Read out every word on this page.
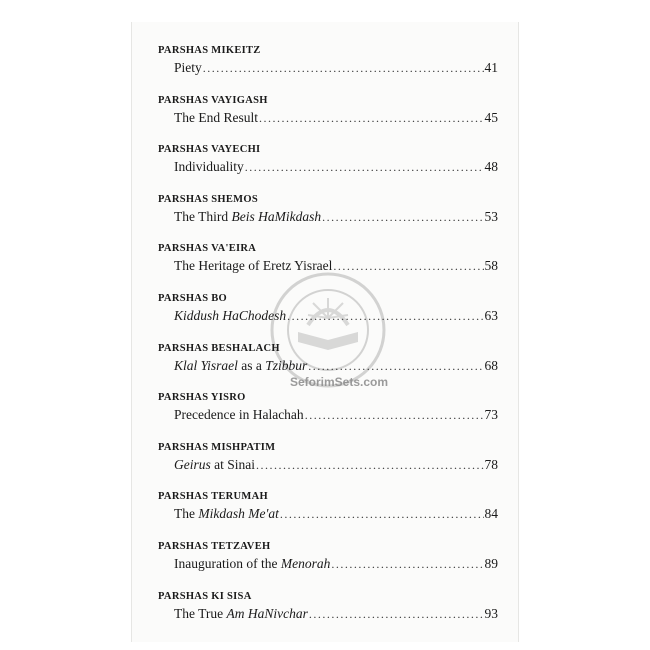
SeforimSets.com
PARSHAS MIKEITZ
Piety .....	41
PARSHAS VAYIGASH
The End Result .....	45
PARSHAS VAYECHI
Individuality .....	48
PARSHAS SHEMOS
The Third Beis HaMikdash .....	53
PARSHAS VA'EIRA
The Heritage of Eretz Yisrael .....	58
PARSHAS BO
Kiddush HaChodesh .....	63
PARSHAS BESHALACH
Klal Yisrael as a Tzibbur .....	68
PARSHAS YISRO
Precedence in Halachah .....	73
PARSHAS MISHPATIM
Geirus at Sinai .....	78
PARSHAS TERUMAH
The Mikdash Me'at .....	84
PARSHAS TETZAVEH
Inauguration of the Menorah .....	89
PARSHAS KI SISA
The True Am HaNivchar .....	93
